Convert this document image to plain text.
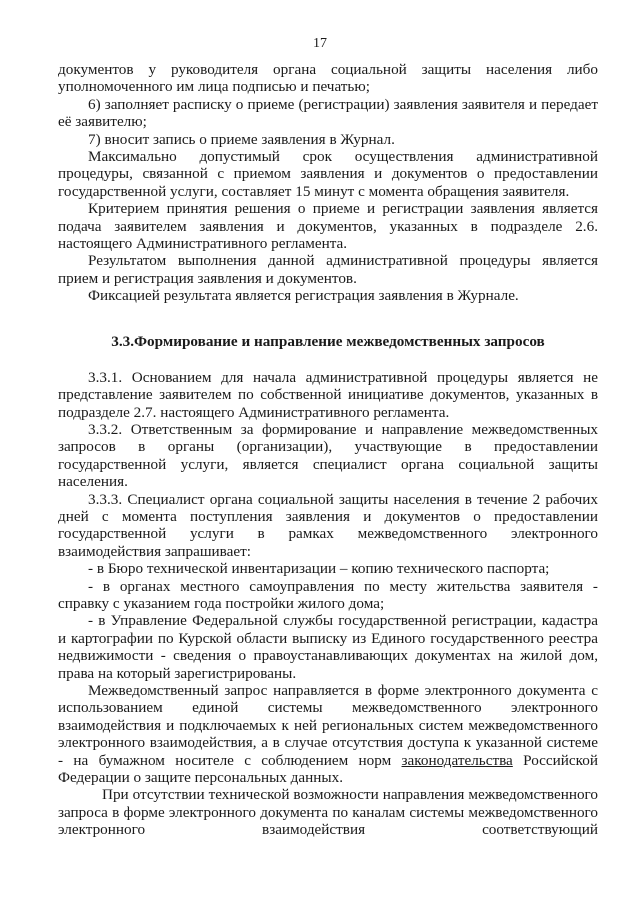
17

документов у руководителя органа социальной защиты населения либо уполномоченного им лица подписью и печатью;

6) заполняет расписку о приеме (регистрации) заявления заявителя и передает её заявителю;

7) вносит запись о приеме заявления в Журнал.

Максимально допустимый срок осуществления административной процедуры, связанной с приемом заявления и документов о предоставлении государственной услуги, составляет 15 минут с момента обращения заявителя.

Критерием принятия решения о приеме и регистрации заявления является подача заявителем заявления и документов, указанных в подразделе 2.6. настоящего Административного регламента.

Результатом выполнения данной административной процедуры является прием и регистрация заявления и документов.

Фиксацией результата является регистрация заявления в Журнале.

3.3.Формирование и направление межведомственных запросов

3.3.1. Основанием для начала административной процедуры является не представление заявителем по собственной инициативе документов, указанных в подразделе 2.7. настоящего Административного регламента.

3.3.2. Ответственным за формирование и направление межведомственных запросов в органы (организации), участвующие в предоставлении государственной услуги, является специалист органа социальной защиты населения.

3.3.3. Специалист органа социальной защиты населения в течение 2 рабочих дней с момента поступления заявления и документов о предоставлении государственной услуги в рамках межведомственного электронного взаимодействия запрашивает:

- в Бюро технической инвентаризации – копию технического паспорта;

- в органах местного самоуправления по месту жительства заявителя - справку с указанием года постройки жилого дома;

- в Управление Федеральной службы государственной регистрации, кадастра и картографии по Курской области выписку из Единого государственного реестра недвижимости - сведения о правоустанавливающих документах на жилой дом, права на который зарегистрированы.

Межведомственный запрос направляется в форме электронного документа с использованием единой системы межведомственного электронного взаимодействия и подключаемых к ней региональных систем межведомственного электронного взаимодействия, а в случае отсутствия доступа к указанной системе - на бумажном носителе с соблюдением норм законодательства Российской Федерации о защите персональных данных.

При отсутствии технической возможности направления межведомственного запроса в форме электронного документа по каналам системы межведомственного электронного взаимодействия соответствующий
